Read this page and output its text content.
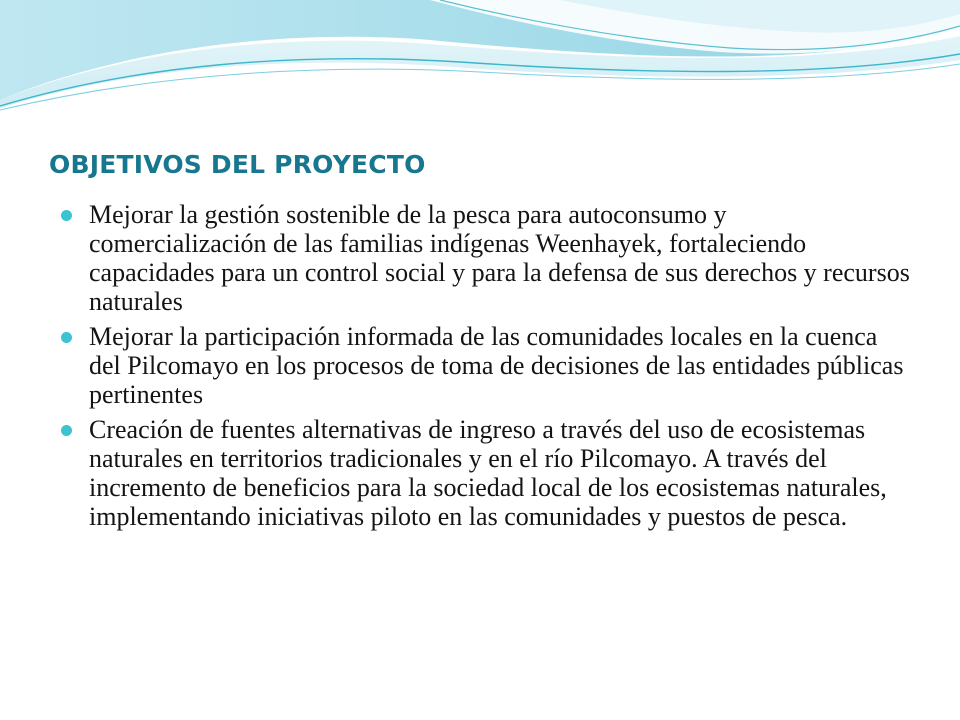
OBJETIVOS DEL PROYECTO
Mejorar la gestión sostenible de la pesca para autoconsumo y comercialización de las familias indígenas Weenhayek, fortaleciendo capacidades para un control social y para la defensa de sus derechos y recursos naturales
Mejorar la participación informada de las comunidades locales en la cuenca del Pilcomayo en los procesos de toma de decisiones de las entidades públicas pertinentes
Creación de fuentes alternativas de ingreso a través del uso de ecosistemas naturales en territorios tradicionales y en el río Pilcomayo. A través del incremento de beneficios para la sociedad local de los ecosistemas naturales, implementando iniciativas piloto en las comunidades y puestos de pesca.
